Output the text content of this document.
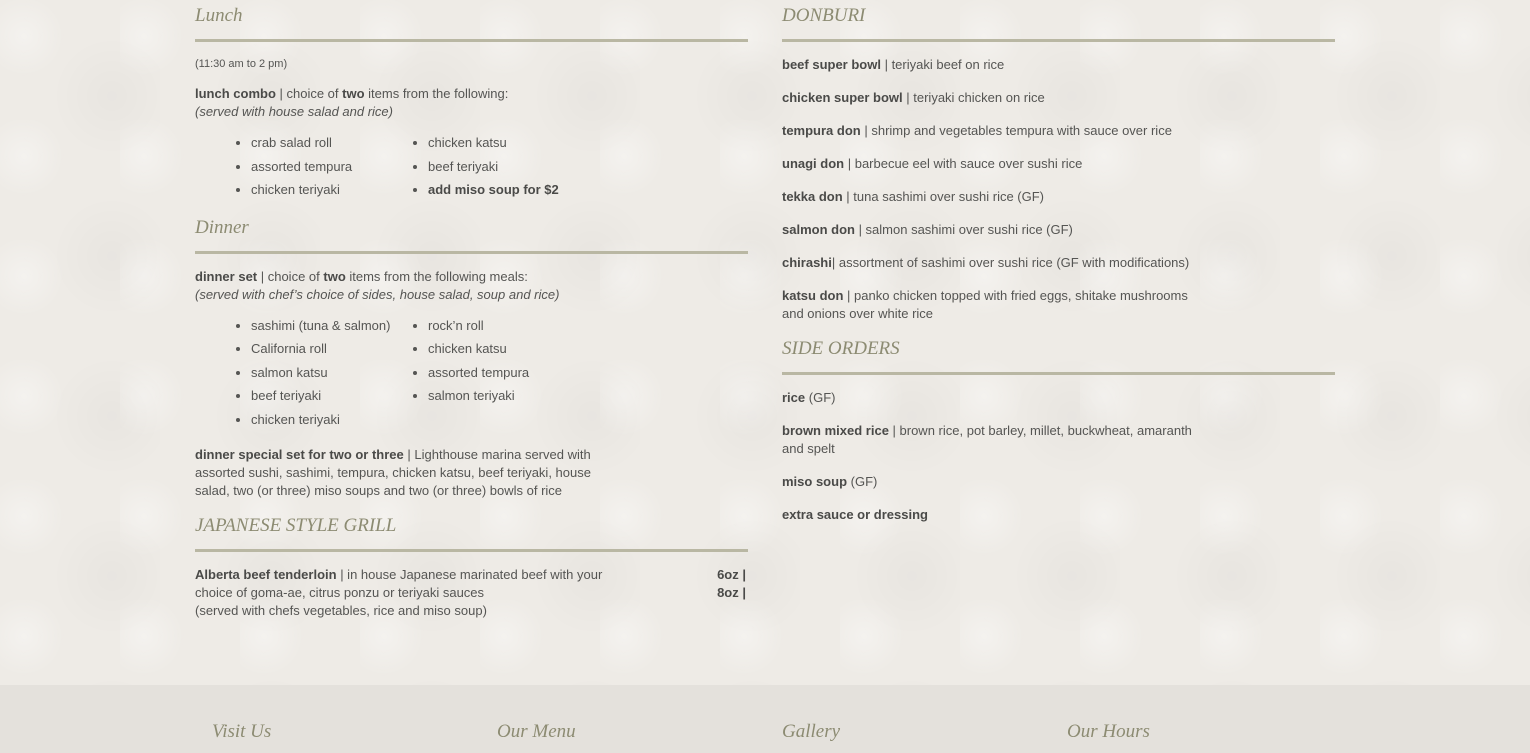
Lunch
(11:30 am to 2 pm)
lunch combo | choice of two items from the following:
(served with house salad and rice)
• crab salad roll
• assorted tempura
• chicken teriyaki
• chicken katsu
• beef teriyaki
• add miso soup for $2
Dinner
dinner set | choice of two items from the following meals:
(served with chef’s choice of sides, house salad, soup and rice)
• sashimi (tuna & salmon)
• California roll
• salmon katsu
• beef teriyaki
• chicken teriyaki
• rock’n roll
• chicken katsu
• assorted tempura
• salmon teriyaki
dinner special set for two or three | Lighthouse marina served with assorted sushi, sashimi, tempura, chicken katsu, beef teriyaki, house salad, two (or three) miso soups and two (or three) bowls of rice
JAPANESE STYLE GRILL
Alberta beef tenderloin | in house Japanese marinated beef with your choice of goma-ae, citrus ponzu or teriyaki sauces
(served with chefs vegetables, rice and miso soup)
6oz |
8oz |
DONBURI
beef super bowl | teriyaki beef on rice
chicken super bowl | teriyaki chicken on rice
tempura don | shrimp and vegetables tempura with sauce over rice
unagi don | barbecue eel with sauce over sushi rice
tekka don | tuna sashimi over sushi rice (GF)
salmon don | salmon sashimi over sushi rice (GF)
chirashi| assortment of sashimi over sushi rice (GF with modifications)
katsu don | panko chicken topped with fried eggs, shitake mushrooms and onions over white rice
SIDE ORDERS
rice (GF)
brown mixed rice | brown rice, pot barley, millet, buckwheat, amaranth and spelt
miso soup (GF)
extra sauce or dressing
Visit Us	Our Menu	Gallery	Our Hours
